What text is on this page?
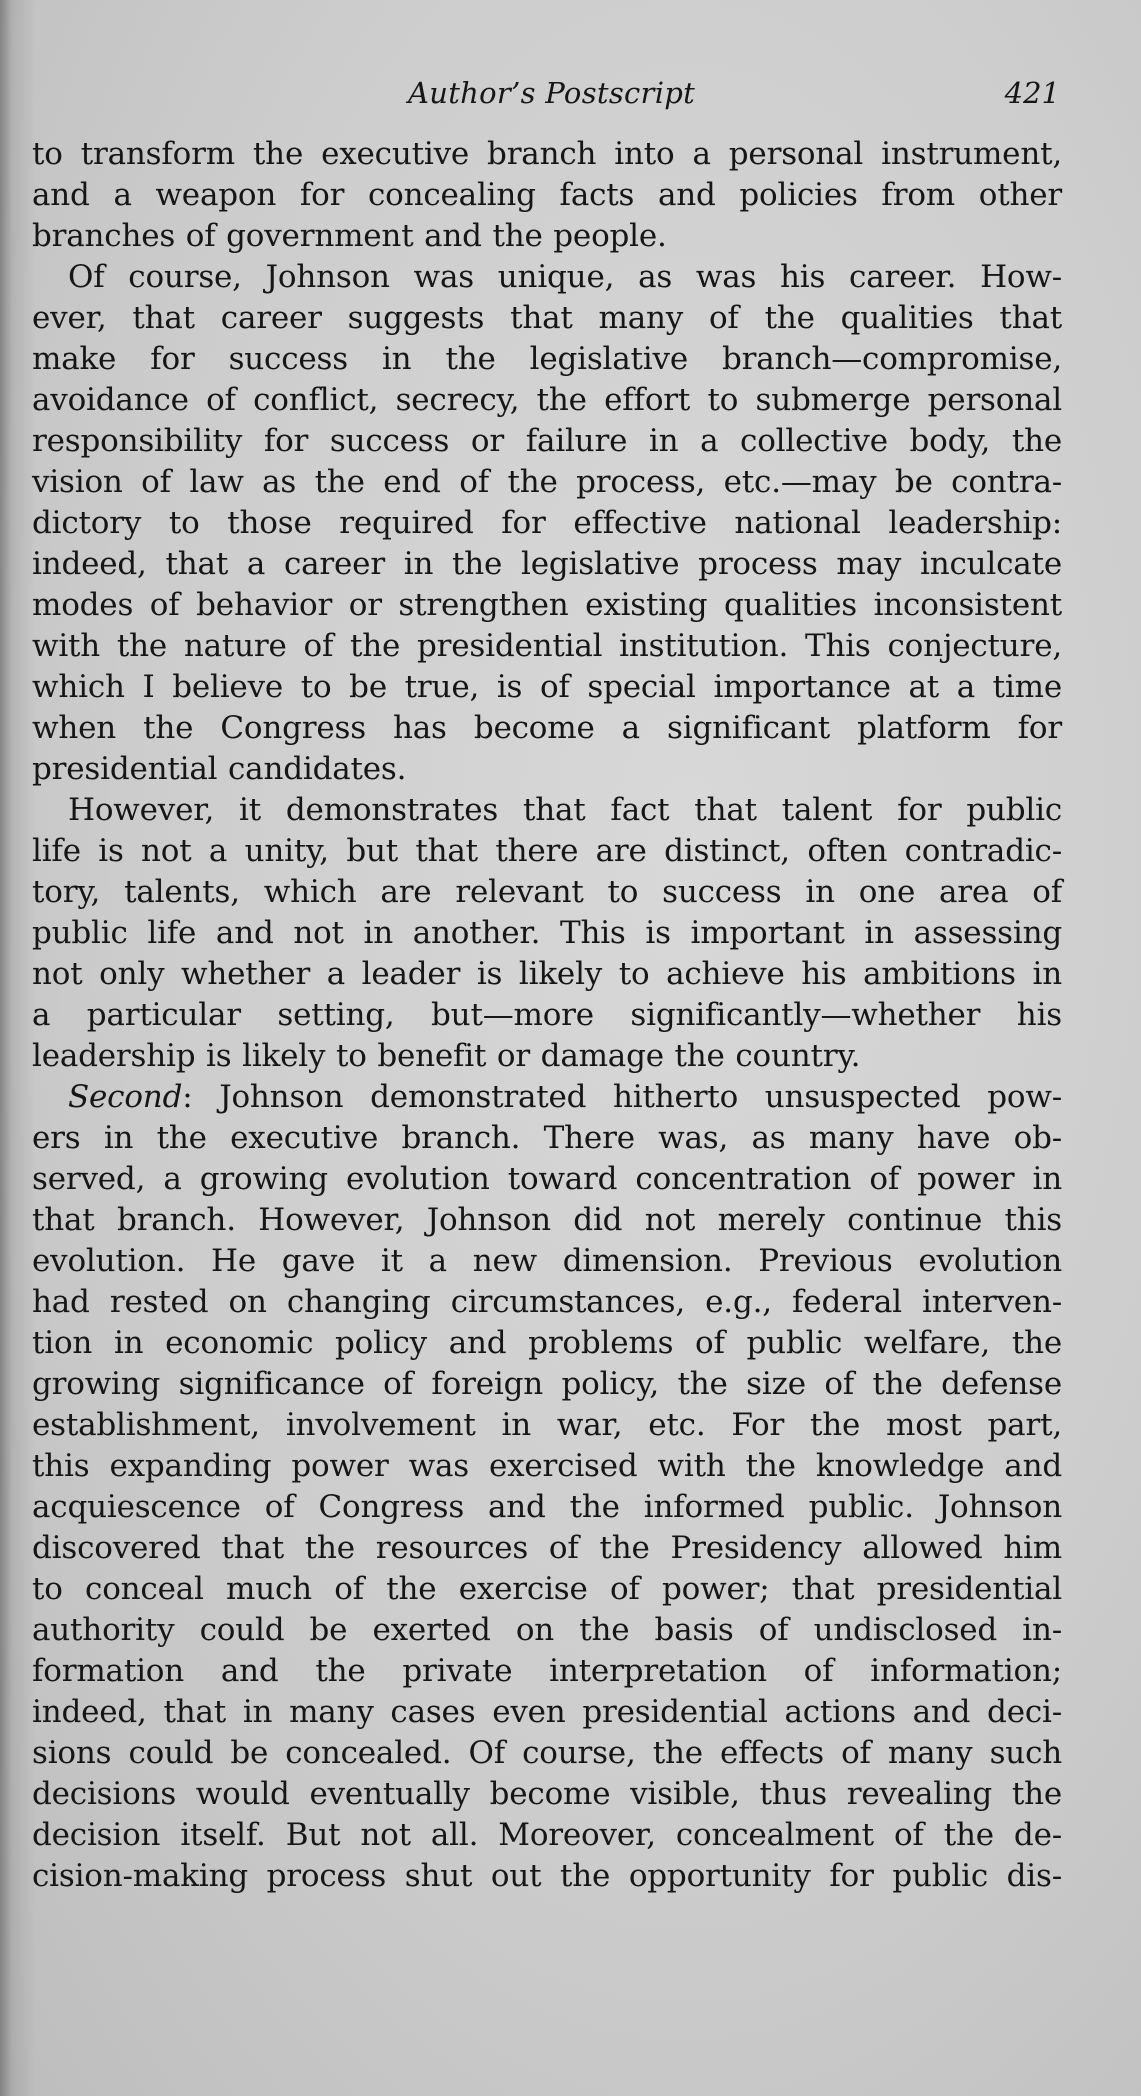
Author’s Postscript	421
to transform the executive branch into a personal instrument,
and a weapon for concealing facts and policies from other
branches of government and the people.
Of course, Johnson was unique, as was his career. How-
ever, that career suggests that many of the qualities that
make for success in the legislative branch—compromise,
avoidance of conflict, secrecy, the effort to submerge personal
responsibility for success or failure in a collective body, the
vision of law as the end of the process, etc.—may be contra-
dictory to those required for effective national leadership:
indeed, that a career in the legislative process may inculcate
modes of behavior or strengthen existing qualities inconsistent
with the nature of the presidential institution. This conjecture,
which I believe to be true, is of special importance at a time
when the Congress has become a significant platform for
presidential candidates.
However, it demonstrates that fact that talent for public
life is not a unity, but that there are distinct, often contradic-
tory, talents, which are relevant to success in one area of
public life and not in another. This is important in assessing
not only whether a leader is likely to achieve his ambitions in
a particular setting, but—more significantly—whether his
leadership is likely to benefit or damage the country.
Second: Johnson demonstrated hitherto unsuspected pow-
ers in the executive branch. There was, as many have ob-
served, a growing evolution toward concentration of power in
that branch. However, Johnson did not merely continue this
evolution. He gave it a new dimension. Previous evolution
had rested on changing circumstances, e.g., federal interven-
tion in economic policy and problems of public welfare, the
growing significance of foreign policy, the size of the defense
establishment, involvement in war, etc. For the most part,
this expanding power was exercised with the knowledge and
acquiescence of Congress and the informed public. Johnson
discovered that the resources of the Presidency allowed him
to conceal much of the exercise of power; that presidential
authority could be exerted on the basis of undisclosed in-
formation and the private interpretation of information;
indeed, that in many cases even presidential actions and deci-
sions could be concealed. Of course, the effects of many such
decisions would eventually become visible, thus revealing the
decision itself. But not all. Moreover, concealment of the de-
cision-making process shut out the opportunity for public dis-
